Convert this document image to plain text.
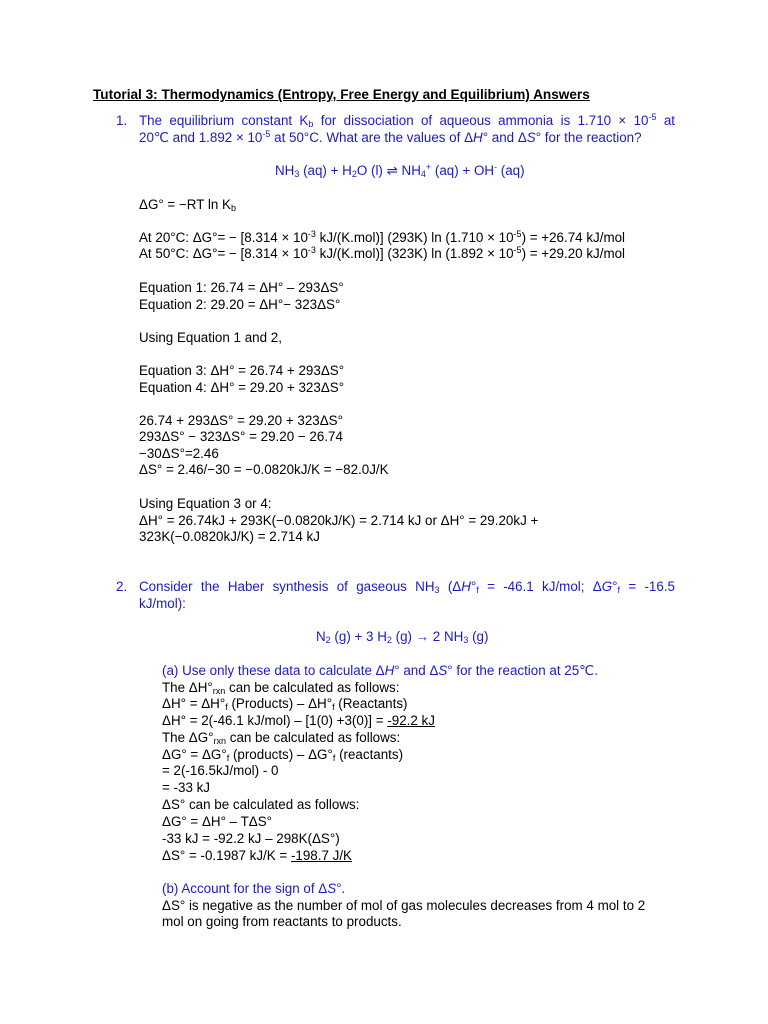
Tutorial 3: Thermodynamics (Entropy, Free Energy and Equilibrium) Answers
1. The equilibrium constant $K_b$ for dissociation of aqueous ammonia is $1.710 \times 10^{-5}$ at
20℃ and $1.892 \times 10^{-5}$ at 50°C. What are the values of ΔH° and ΔS° for the reaction?
$NH_3$ $(aq) + H_2O$ (l) ⇌ $NH_4^+$ (aq) + OH- (aq)
ΔG° = −RT $\ln K_b$
At 20°C: $\Delta G^\circ= - [8.314 \times 10^{-3}$ kJ/(K.mol)] (293K) $\ln (1.710 \times 10^{-5}) = +26.74$ kJ/mol
At 50°C: $\Delta G^\circ= - [8.314 \times 10^{-3}$ kJ/(K.mol)] (323K) $\ln (1.892 \times 10^{-5}) = +29.20$ kJ/mol
Equation 1: 26.74 = ΔH° – 293ΔS°
Equation 2: 29.20 = ΔH°− 323ΔS°
Using Equation 1 and 2,
Equation 3: ΔH° = 26.74 + 293ΔS°
Equation 4: ΔH° = 29.20 + 323ΔS°
26.74 + 293ΔS° = 29.20 + 323ΔS°
293ΔS° − 323ΔS° = 29.20 − 26.74
−30ΔS°=2.46
ΔS° = 2.46/−30 = −0.0820kJ/K = −82.0J/K
Using Equation 3 or 4:
ΔH° = 26.74kJ + 293K(−0.0820kJ/K) = 2.714 kJ or ΔH° = 29.20kJ +
323K(−0.0820kJ/K) = 2.714 kJ
2. Consider the Haber synthesis of gaseous $NH_3$ ($\Delta H^\circ_f = -46.1$ kJ/mol; $\Delta G^\circ_f = -16.5$
kJ/mol):
$N_2$ (g) + 3 $H_2$ (g) → 2 $NH_3$ (g)
(a) Use only these data to calculate ΔH° and ΔS° for the reaction at 25℃.
The $\Delta H^\circ_{rxn}$ can be calculated as follows:
$\Delta H^\circ = \Delta H^\circ_f$ (Products) – $\Delta H^\circ_f$ (Reactants)
ΔH° = 2(-46.1 kJ/mol) – [1(0) +3(0)] = -92.2 kJ
The $\Delta G^\circ_{rxn}$ can be calculated as follows:
$\Delta G^\circ = \Delta G^\circ_f$ (products) – $\Delta G^\circ_f$ (reactants)
= 2(-16.5kJ/mol) - 0
= -33 kJ
ΔS° can be calculated as follows:
ΔG° = ΔH° – TΔS°
-33 kJ = -92.2 kJ – 298K(ΔS°)
ΔS° = -0.1987 kJ/K = -198.7 J/K
(b) Account for the sign of ΔS°.
ΔS° is negative as the number of mol of gas molecules decreases from 4 mol to 2
mol on going from reactants to products.
